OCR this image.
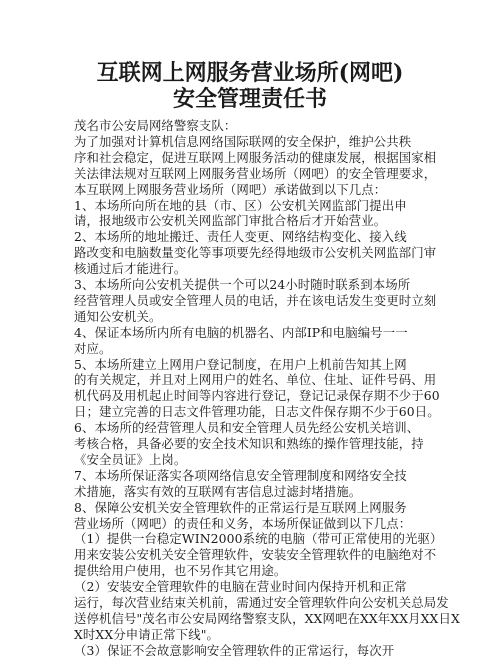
互联网上网服务营业场所(网吧)
安全管理责任书
茂名市公安局网络警察支队：
为了加强对计算机信息网络国际联网的安全保护，维护公共秩
序和社会稳定，促进互联网上网服务活动的健康发展，根据国家相
关法律法规对互联网上网服务营业场所（网吧）的安全管理要求，
本互联网上网服务营业场所（网吧）承诺做到以下几点：
1、本场所向所在地的县（市、区）公安机关网监部门提出申
请，报地级市公安机关网监部门审批合格后才开始营业。
2、本场所的地址搬迁、责任人变更、网络结构变化、接入线
路改变和电脑数量变化等事项要先经得地级市公安机关网监部门审
核通过后才能进行。
3、本场所向公安机关提供一个可以24小时随时联系到本场所
经营管理人员或安全管理人员的电话，并在该电话发生变更时立刻
通知公安机关。
4、保证本场所内所有电脑的机器名、内部IP和电脑编号一一
对应。
5、本场所建立上网用户登记制度，在用户上机前告知其上网
的有关规定，并且对上网用户的姓名、单位、住址、证件号码、用
机代码及用机起止时间等内容进行登记，登记记录保存期不少于60
日；建立完善的日志文件管理功能，日志文件保存期不少于60日。
6、本场所的经营管理人员和安全管理人员先经公安机关培训、
考核合格，具备必要的安全技术知识和熟练的操作管理技能，持
《安全员证》上岗。
7、本场所保证落实各项网络信息安全管理制度和网络安全技
术措施，落实有效的互联网有害信息过滤封堵措施。
8、保障公安机关安全管理软件的正常运行是互联网上网服务
营业场所（网吧）的责任和义务，本场所保证做到以下几点：
（1）提供一台稳定WIN2000系统的电脑（带可正常使用的光驱）
用来安装公安机关安全管理软件，安装安全管理软件的电脑绝对不
提供给用户使用，也不另作其它用途。
（2）安装安全管理软件的电脑在营业时间内保持开机和正常
运行，每次营业结束关机前，需通过安全管理软件向公安机关总局发
送停机信号"茂名市公安局网络警察支队，XX网吧在XX年XX月XX日X
X时XX分申请正常下线"。
（3）保证不会故意影响安全管理软件的正常运行，每次开
